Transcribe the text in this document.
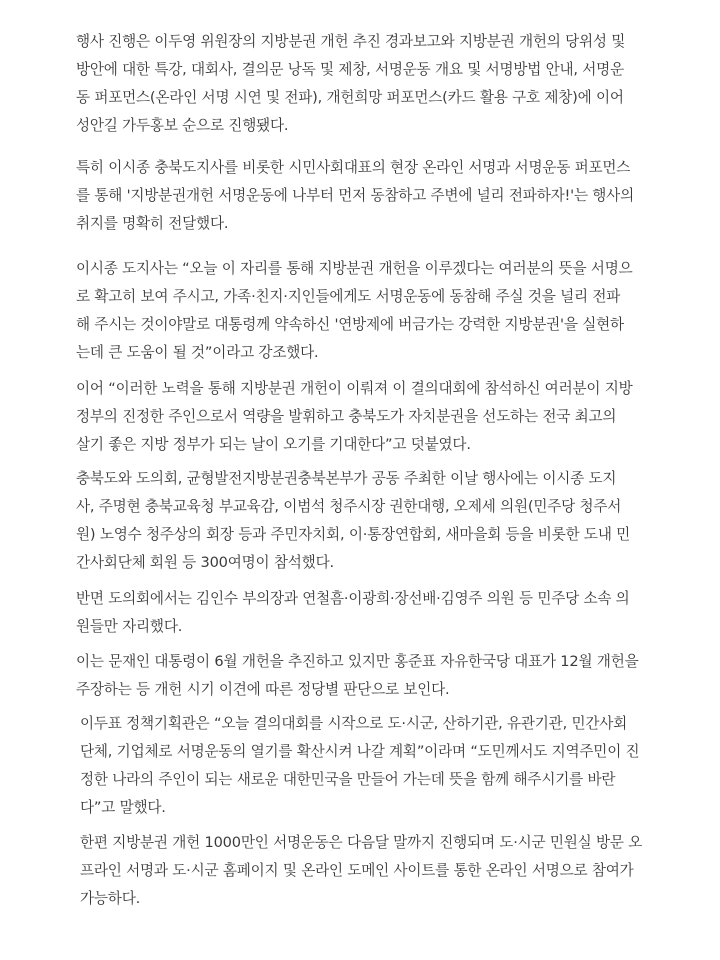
행사 진행은 이두영 위원장의 지방분권 개헌 추진 경과보고와 지방분권 개헌의 당위성 및
방안에 대한 특강, 대회사, 결의문 낭독 및 제창, 서명운동 개요 및 서명방법 안내, 서명운
동 퍼포먼스(온라인 서명 시연 및 전파), 개헌희망 퍼포먼스(카드 활용 구호 제창)에 이어
성안길 가두홍보 순으로 진행됐다.

특히 이시종 충북도지사를 비롯한 시민사회대표의 현장 온라인 서명과 서명운동 퍼포먼스
를 통해 '지방분권개헌 서명운동에 나부터 먼저 동참하고 주변에 널리 전파하자!'는 행사의
취지를 명확히 전달했다.

이시종 도지사는 “오늘 이 자리를 통해 지방분권 개헌을 이루겠다는 여러분의 뜻을 서명으
로 확고히 보여 주시고, 가족·친지·지인들에게도 서명운동에 동참해 주실 것을 널리 전파
해 주시는 것이야말로 대통령께 약속하신 '연방제에 버금가는 강력한 지방분권'을 실현하
는데 큰 도움이 될 것”이라고 강조했다.

이어 “이러한 노력을 통해 지방분권 개헌이 이뤄져 이 결의대회에 참석하신 여러분이 지방
정부의 진정한 주인으로서 역량을 발휘하고 충북도가 자치분권을 선도하는 전국 최고의
살기 좋은 지방 정부가 되는 날이 오기를 기대한다”고 덧붙였다.

충북도와 도의회, 균형발전지방분권충북본부가 공동 주최한 이날 행사에는 이시종 도지
사, 주명현 충북교육청 부교육감, 이범석 청주시장 권한대행, 오제세 의원(민주당 청주서
원) 노영수 청주상의 회장 등과 주민자치회, 이·통장연합회, 새마을회 등을 비롯한 도내 민
간사회단체 회원 등 300여명이 참석했다.

반면 도의회에서는 김인수 부의장과 연철흠·이광희·장선배·김영주 의원 등 민주당 소속 의
원들만 자리했다.

이는 문재인 대통령이 6월 개헌을 추진하고 있지만 홍준표 자유한국당 대표가 12월 개헌을
주장하는 등 개헌 시기 이견에 따른 정당별 판단으로 보인다.

이두표 정책기획관은 “오늘 결의대회를 시작으로 도·시군, 산하기관, 유관기관, 민간사회
단체, 기업체로 서명운동의 열기를 확산시켜 나갈 계획”이라며 “도민께서도 지역주민이 진
정한 나라의 주인이 되는 새로운 대한민국을 만들어 가는데 뜻을 함께 해주시기를 바란
다”고 말했다.

한편 지방분권 개헌 1000만인 서명운동은 다음달 말까지 진행되며 도·시군 민원실 방문 오
프라인 서명과 도·시군 홈페이지 및 온라인 도메인 사이트를 통한 온라인 서명으로 참여가
가능하다.
